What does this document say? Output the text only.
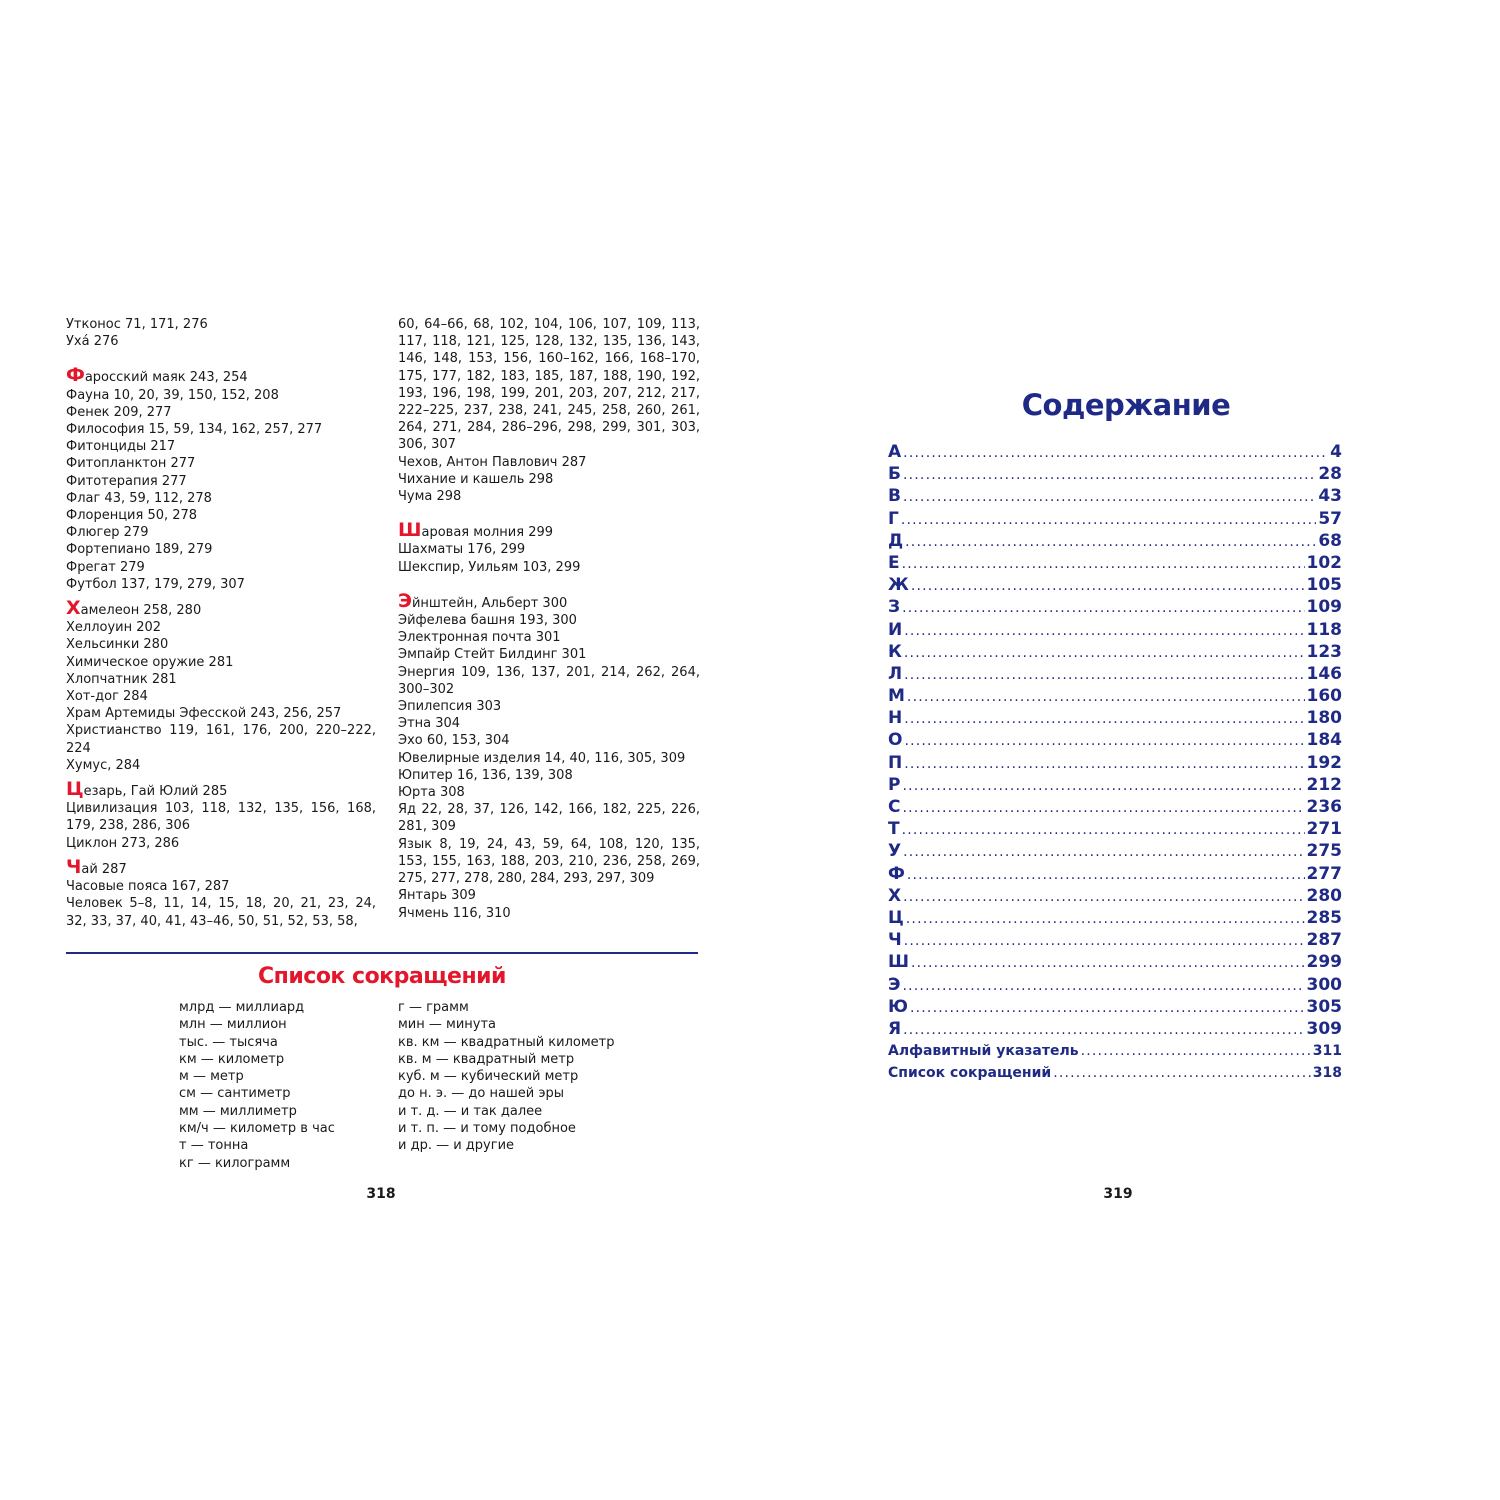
Утконос 71, 171, 276
Уха́ 276
Фаросский маяк 243, 254
Фауна 10, 20, 39, 150, 152, 208
Фенек 209, 277
Философия 15, 59, 134, 162, 257, 277
Фитонциды 217
Фитопланктон 277
Фитотерапия 277
Флаг 43, 59, 112, 278
Флоренция 50, 278
Флюгер 279
Фортепиано 189, 279
Фрегат 279
Футбол 137, 179, 279, 307
Хамелеон 258, 280
Хеллоуин 202
Хельсинки 280
Химическое оружие 281
Хлопчатник 281
Хот-дог 284
Храм Артемиды Эфесской 243, 256, 257
Христианство 119, 161, 176, 200, 220–222, 224
Хумус, 284
Цезарь, Гай Юлий 285
Цивилизация 103, 118, 132, 135, 156, 168, 179, 238, 286, 306
Циклон 273, 286
Чай 287
Часовые пояса 167, 287
Человек 5–8, 11, 14, 15, 18, 20, 21, 23, 24, 32, 33, 37, 40, 41, 43–46, 50, 51, 52, 53, 58,
60, 64–66, 68, 102, 104, 106, 107, 109, 113, 117, 118, 121, 125, 128, 132, 135, 136, 143, 146, 148, 153, 156, 160–162, 166, 168–170, 175, 177, 182, 183, 185, 187, 188, 190, 192, 193, 196, 198, 199, 201, 203, 207, 212, 217, 222–225, 237, 238, 241, 245, 258, 260, 261, 264, 271, 284, 286–296, 298, 299, 301, 303, 306, 307
Чехов, Антон Павлович 287
Чихание и кашель 298
Чума 298
Шаровая молния 299
Шахматы 176, 299
Шекспир, Уильям 103, 299
Эйнштейн, Альберт 300
Эйфелева башня 193, 300
Электронная почта 301
Эмпайр Стейт Билдинг 301
Энергия 109, 136, 137, 201, 214, 262, 264, 300–302
Эпилепсия 303
Этна 304
Эхо 60, 153, 304
Ювелирные изделия 14, 40, 116, 305, 309
Юпитер 16, 136, 139, 308
Юрта 308
Яд 22, 28, 37, 126, 142, 166, 182, 225, 226, 281, 309
Язык 8, 19, 24, 43, 59, 64, 108, 120, 135, 153, 155, 163, 188, 203, 210, 236, 258, 269, 275, 277, 278, 280, 284, 293, 297, 309
Янтарь 309
Ячмень 116, 310
Список сокращений
млрд — миллиард
млн — миллион
тыс. — тысяча
км — километр
м — метр
см — сантиметр
мм — миллиметр
км/ч — километр в час
т — тонна
кг — килограмм
г — грамм
мин — минута
кв. км — квадратный километр
кв. м — квадратный метр
куб. м — кубический метр
до н. э. — до нашей эры
и т. д. — и так далее
и т. п. — и тому подобное
и др. — и другие
318
Содержание
А .....	4
Б .....	28
В .....	43
Г .....	57
Д .....	68
Е .....	102
Ж .....	105
З .....	109
И .....	118
К .....	123
Л .....	146
М .....	160
Н .....	180
О .....	184
П .....	192
Р .....	212
С .....	236
Т .....	271
У .....	275
Ф .....	277
Х .....	280
Ц .....	285
Ч .....	287
Ш .....	299
Э .....	300
Ю .....	305
Я .....	309
Алфавитный указатель .....	311
Список сокращений .....	318
319
